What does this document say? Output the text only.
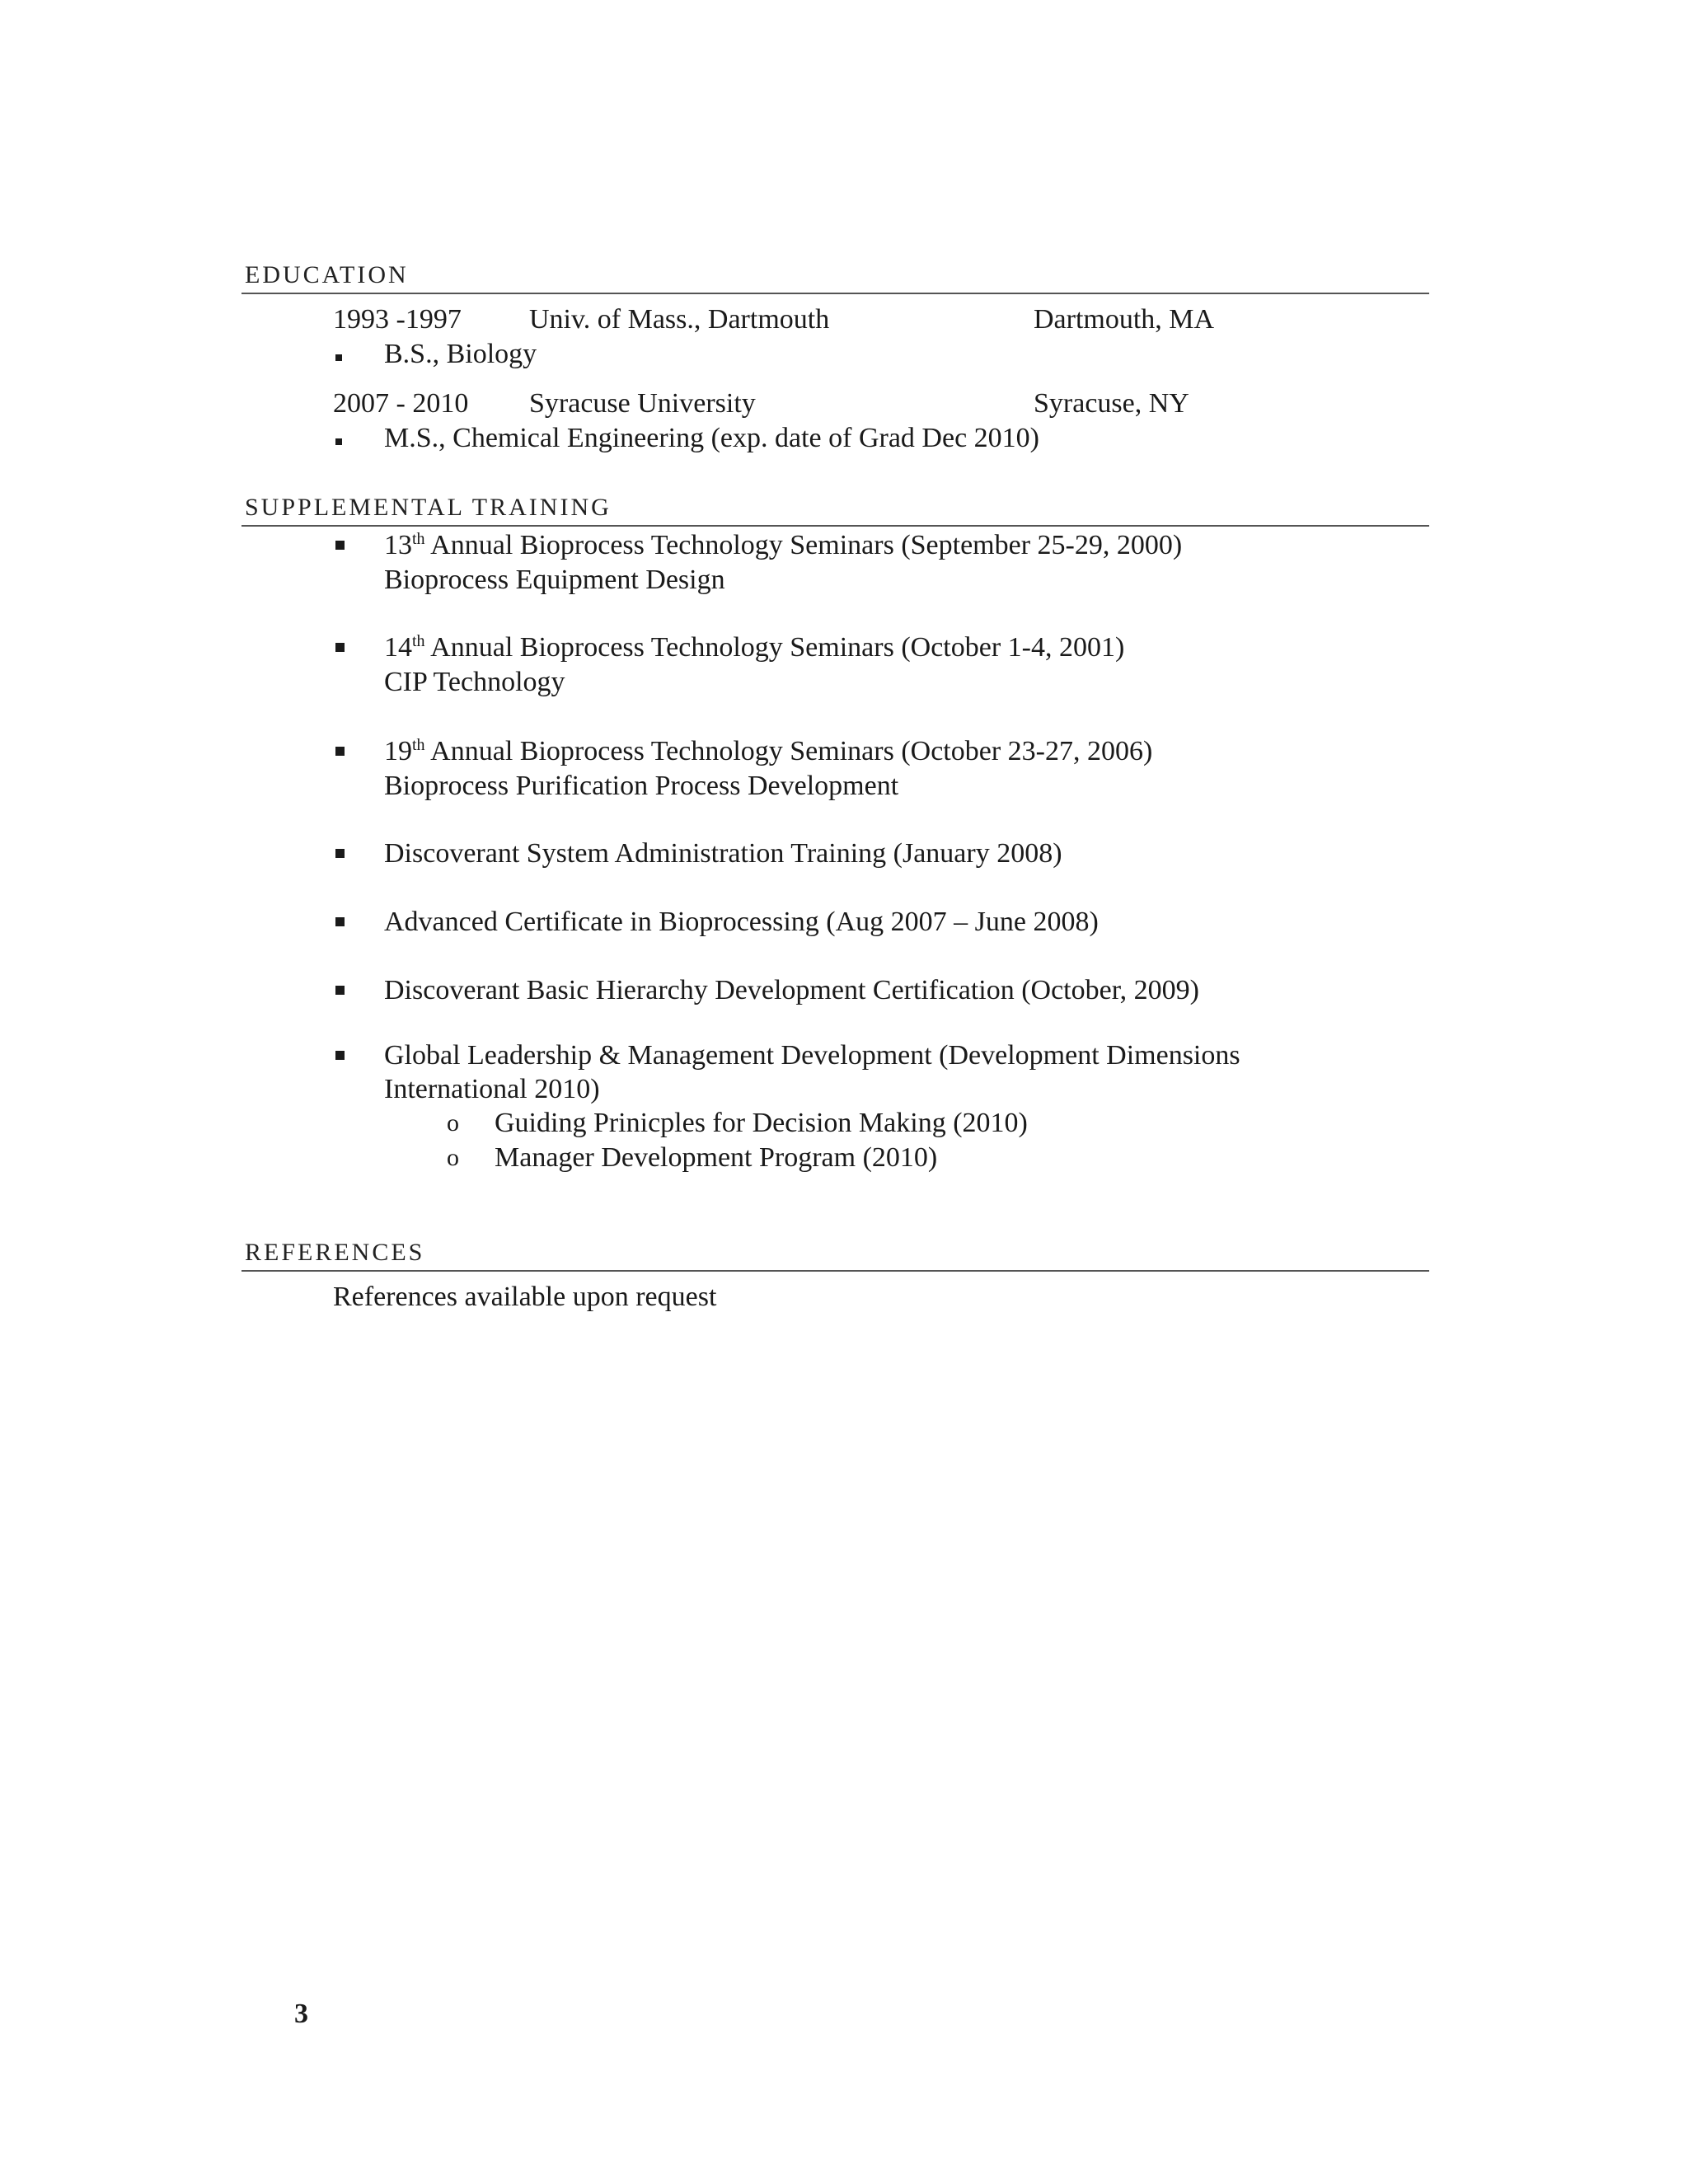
EDUCATION
1993 -1997 Univ. of Mass., Dartmouth	Dartmouth, MA
B.S., Biology
2007 - 2010 Syracuse University	Syracuse, NY
M.S., Chemical Engineering (exp. date of Grad Dec 2010)
SUPPLEMENTAL TRAINING
13th Annual Bioprocess Technology Seminars (September 25-29, 2000)
Bioprocess Equipment Design
14th Annual Bioprocess Technology Seminars (October 1-4, 2001)
CIP Technology
19th Annual Bioprocess Technology Seminars (October 23-27, 2006)
Bioprocess Purification Process Development
Discoverant System Administration Training (January 2008)
Advanced Certificate in Bioprocessing (Aug 2007 – June 2008)
Discoverant Basic Hierarchy Development Certification (October, 2009)
Global Leadership & Management Development (Development Dimensions
International 2010)
o Guiding Prinicples for Decision Making (2010)
o Manager Development Program (2010)
REFERENCES
References available upon request
3
